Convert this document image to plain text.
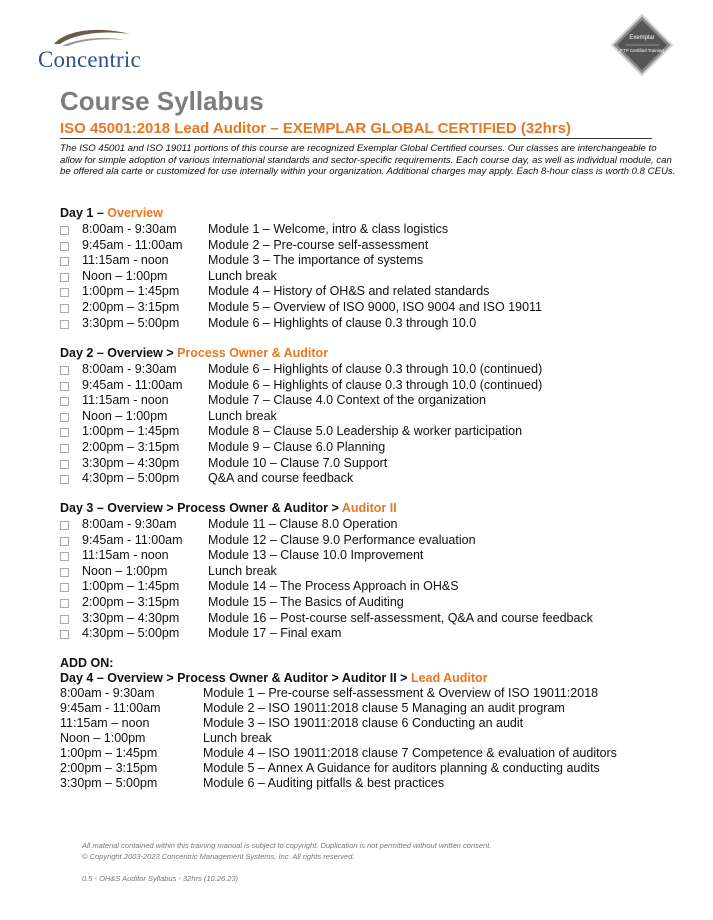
Concentric
Exemplar
FTP Certified Training
Course Syllabus
ISO 45001:2018 Lead Auditor – EXEMPLAR GLOBAL CERTIFIED (32hrs)
The ISO 45001 and ISO 19011 portions of this course are recognized Exemplar Global Certified courses. Our classes are interchangeable to allow for simple adoption of various international standards and sector-specific requirements. Each course day, as well as individual module, can be offered ala carte or customized for use internally within your organization. Additional charges may apply. Each 8-hour class is worth 0.8 CEUs.
Day 1 – Overview
8:00am - 9:30am	Module 1 – Welcome, intro & class logistics
9:45am - 11:00am Module 2 – Pre-course self-assessment
11:15am - noon	Module 3 – The importance of systems
Noon – 1:00pm	Lunch break
1:00pm – 1:45pm Module 4 – History of OH&S and related standards
2:00pm – 3:15pm Module 5 – Overview of ISO 9000, ISO 9004 and ISO 19011
3:30pm – 5:00pm Module 6 – Highlights of clause 0.3 through 10.0
Day 2 – Overview > Process Owner & Auditor
8:00am - 9:30am	Module 6 – Highlights of clause 0.3 through 10.0 (continued)
9:45am - 11:00am Module 6 – Highlights of clause 0.3 through 10.0 (continued)
11:15am - noon	Module 7 – Clause 4.0 Context of the organization
Noon – 1:00pm	Lunch break
1:00pm – 1:45pm Module 8 – Clause 5.0 Leadership & worker participation
2:00pm – 3:15pm Module 9 – Clause 6.0 Planning
3:30pm – 4:30pm Module 10 – Clause 7.0 Support
4:30pm – 5:00pm Q&A and course feedback
Day 3 – Overview > Process Owner & Auditor > Auditor II
8:00am - 9:30am	Module 11 – Clause 8.0 Operation
9:45am - 11:00am Module 12 – Clause 9.0 Performance evaluation
11:15am - noon	Module 13 – Clause 10.0 Improvement
Noon – 1:00pm	Lunch break
1:00pm – 1:45pm Module 14 – The Process Approach in OH&S
2:00pm – 3:15pm Module 15 – The Basics of Auditing
3:30pm – 4:30pm Module 16 – Post-course self-assessment, Q&A and course feedback
4:30pm – 5:00pm Module 17 – Final exam
ADD ON:
Day 4 – Overview > Process Owner & Auditor > Auditor II > Lead Auditor
8:00am - 9:30am	Module 1 – Pre-course self-assessment & Overview of ISO 19011:2018
9:45am - 11:00am	Module 2 – ISO 19011:2018 clause 5 Managing an audit program
11:15am – noon	Module 3 – ISO 19011:2018 clause 6 Conducting an audit
Noon – 1:00pm	Lunch break
1:00pm – 1:45pm	Module 4 – ISO 19011:2018 clause 7 Competence & evaluation of auditors
2:00pm – 3:15pm	Module 5 – Annex A Guidance for auditors planning & conducting audits
3:30pm – 5:00pm	Module 6 – Auditing pitfalls & best practices
All material contained within this training manual is subject to copyright. Duplication is not permitted without written consent.
© Copyright 2003-2023 Concentric Management Systems, Inc. All rights reserved.
0.5 - OH&S Auditor Syllabus - 32hrs (10.26.23)
